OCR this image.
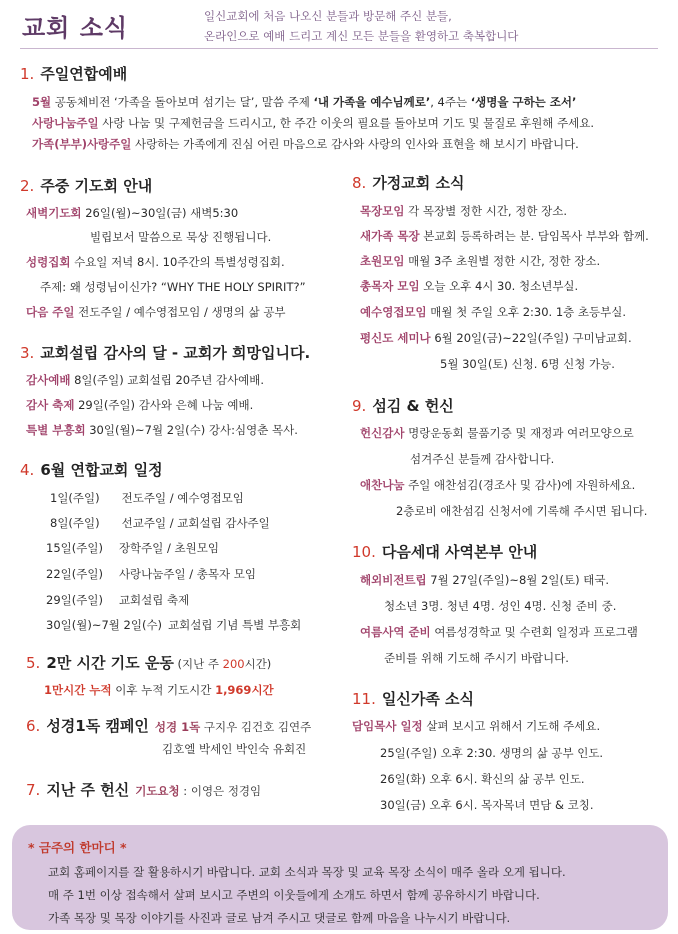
교회 소식	일신교회에 처음 나오신 분들과 방문해 주신 분들,
온라인으로 예배 드리고 계신 모든 분들을 환영하고 축복합니다
1. 주일연합예배
5월 공동체비전 ‘가족을 돌아보며 섬기는 달’, 말씀 주제 ‘내 가족을 예수님께로’, 4주는 ‘생명을 구하는 조서’
사랑나눔주일 사랑 나눔 및 구제헌금을 드리시고, 한 주간 이웃의 필요를 돌아보며 기도 및 물질로 후원해 주세요.
가족(부부)사랑주일 사랑하는 가족에게 진심 어린 마음으로 감사와 사랑의 인사와 표현을 해 보시기 바랍니다.
2. 주중 기도회 안내
새벽기도회 26일(월)~30일(금) 새벽5:30
빌립보서 말씀으로 묵상 진행됩니다.
성령집회 수요일 저녁 8시. 10주간의 특별성령집회.
주제: 왜 성령님이신가? “WHY THE HOLY SPIRIT?”
다음 주일 전도주일 / 예수영접모임 / 생명의 삶 공부
3. 교회설립 감사의 달 - 교회가 희망입니다.
감사예배 8일(주일) 교회설립 20주년 감사예배.
감사 축제 29일(주일) 감사와 은혜 나눔 예배.
특별 부흥회 30일(월)~7월 2일(수) 강사:심영춘 목사.
4. 6월 연합교회 일정
1일(주일) 전도주일 / 예수영접모임
8일(주일) 선교주일 / 교회설립 감사주일
15일(주일) 장학주일 / 초원모임
22일(주일) 사랑나눔주일 / 총목자 모임
29일(주일) 교회설립 축제
30일(월)~7월 2일(수) 교회설립 기념 특별 부흥회
5. 2만 시간 기도 운동 (지난 주 200시간)
1만시간 누적 이후 누적 기도시간 1,969시간
6. 성경1독 캠페인 성경 1독 구지우 김건호 김연주
김호엘 박세인 박인숙 유회진
7. 지난 주 헌신 기도요청 : 이영은 정경임
8. 가정교회 소식
목장모임 각 목장별 정한 시간, 정한 장소.
새가족 목장 본교회 등록하려는 분. 담임목사 부부와 함께.
초원모임 매월 3주 초원별 정한 시간, 정한 장소.
총목자 모임 오늘 오후 4시 30. 청소년부실.
예수영접모임 매월 첫 주일 오후 2:30. 1층 초등부실.
평신도 세미나 6월 20일(금)~22일(주일) 구미남교회.
5월 30일(토) 신청. 6명 신청 가능.
9. 섬김 & 헌신
헌신감사 명랑운동회 물품기증 및 재정과 여러모양으로
섬겨주신 분들께 감사합니다.
애찬나눔 주일 애찬섬김(경조사 및 감사)에 자원하세요.
2층로비 애찬섬김 신청서에 기록해 주시면 됩니다.
10. 다음세대 사역본부 안내
해외비전트립 7월 27일(주일)~8월 2일(토) 태국.
청소년 3명. 청년 4명. 성인 4명. 신청 준비 중.
여름사역 준비 여름성경학교 및 수련회 일정과 프로그램
준비를 위해 기도해 주시기 바랍니다.
11. 일신가족 소식
담임목사 일정 살펴 보시고 위해서 기도해 주세요.
25일(주일) 오후 2:30. 생명의 삶 공부 인도.
26일(화) 오후 6시. 확신의 삶 공부 인도.
30일(금) 오후 6시. 목자목녀 면담 & 코칭.
* 금주의 한마디 *
교회 홈페이지를 잘 활용하시기 바랍니다. 교회 소식과 목장 및 교육 목장 소식이 매주 올라 오게 됩니다.
매 주 1번 이상 접속해서 살펴 보시고 주변의 이웃들에게 소개도 하면서 함께 공유하시기 바랍니다.
가족 목장 및 목장 이야기를 사진과 글로 남겨 주시고 댓글로 함께 마음을 나누시기 바랍니다.
